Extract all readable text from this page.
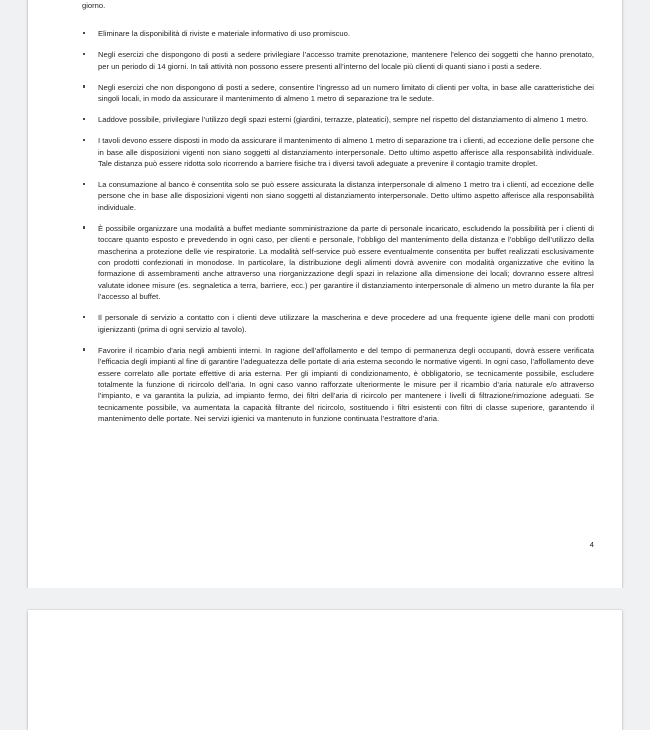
giorno.

Eliminare la disponibilità di riviste e materiale informativo di uso promiscuo.
Negli esercizi che dispongono di posti a sedere privilegiare l’accesso tramite prenotazione, mantenere l’elenco dei soggetti che hanno prenotato, per un periodo di 14 giorni. In tali attività non possono essere presenti all’interno del locale più clienti di quanti siano i posti a sedere.
Negli esercizi che non dispongono di posti a sedere, consentire l’ingresso ad un numero limitato di clienti per volta, in base alle caratteristiche dei singoli locali, in modo da assicurare il mantenimento di almeno 1 metro di separazione tra le sedute.
Laddove possibile, privilegiare l’utilizzo degli spazi esterni (giardini, terrazze, plateatici), sempre nel rispetto del distanziamento di almeno 1 metro.
I tavoli devono essere disposti in modo da assicurare il mantenimento di almeno 1 metro di separazione tra i clienti, ad eccezione delle persone che in base alle disposizioni vigenti non siano soggetti al distanziamento interpersonale. Detto ultimo aspetto afferisce alla responsabilità individuale. Tale distanza può essere ridotta solo ricorrendo a barriere fisiche tra i diversi tavoli adeguate a prevenire il contagio tramite droplet.
La consumazione al banco è consentita solo se può essere assicurata la distanza interpersonale di almeno 1 metro tra i clienti, ad eccezione delle persone che in base alle disposizioni vigenti non siano soggetti al distanziamento interpersonale. Detto ultimo aspetto afferisce alla responsabilità individuale.
È possibile organizzare una modalità a buffet mediante somministrazione da parte di personale incaricato, escludendo la possibilità per i clienti di toccare quanto esposto e prevedendo in ogni caso, per clienti e personale, l’obbligo del mantenimento della distanza e l’obbligo dell’utilizzo della mascherina a protezione delle vie respiratorie. La modalità self-service può essere eventualmente consentita per buffet realizzati esclusivamente con prodotti confezionati in monodose. In particolare, la distribuzione degli alimenti dovrà avvenire con modalità organizzative che evitino la formazione di assembramenti anche attraverso una riorganizzazione degli spazi in relazione alla dimensione dei locali; dovranno essere altresì valutate idonee misure (es. segnaletica a terra, barriere, ecc.) per garantire il distanziamento interpersonale di almeno un metro durante la fila per l’accesso al buffet.
Il personale di servizio a contatto con i clienti deve utilizzare la mascherina e deve procedere ad una frequente igiene delle mani con prodotti igienizzanti (prima di ogni servizio al tavolo).
Favorire il ricambio d’aria negli ambienti interni. In ragione dell’affollamento e del tempo di permanenza degli occupanti, dovrà essere verificata l’efficacia degli impianti al fine di garantire l’adeguatezza delle portate di aria esterna secondo le normative vigenti. In ogni caso, l’affollamento deve essere correlato alle portate effettive di aria esterna. Per gli impianti di condizionamento, è obbligatorio, se tecnicamente possibile, escludere totalmente la funzione di ricircolo dell’aria. In ogni caso vanno rafforzate ulteriormente le misure per il ricambio d’aria naturale e/o attraverso l’impianto, e va garantita la pulizia, ad impianto fermo, dei filtri dell’aria di ricircolo per mantenere i livelli di filtrazione/rimozione adeguati. Se tecnicamente possibile, va aumentata la capacità filtrante del ricircolo, sostituendo i filtri esistenti con filtri di classe superiore, garantendo il mantenimento delle portate. Nei servizi igienici va mantenuto in funzione continuata l’estrattore d’aria.
4
